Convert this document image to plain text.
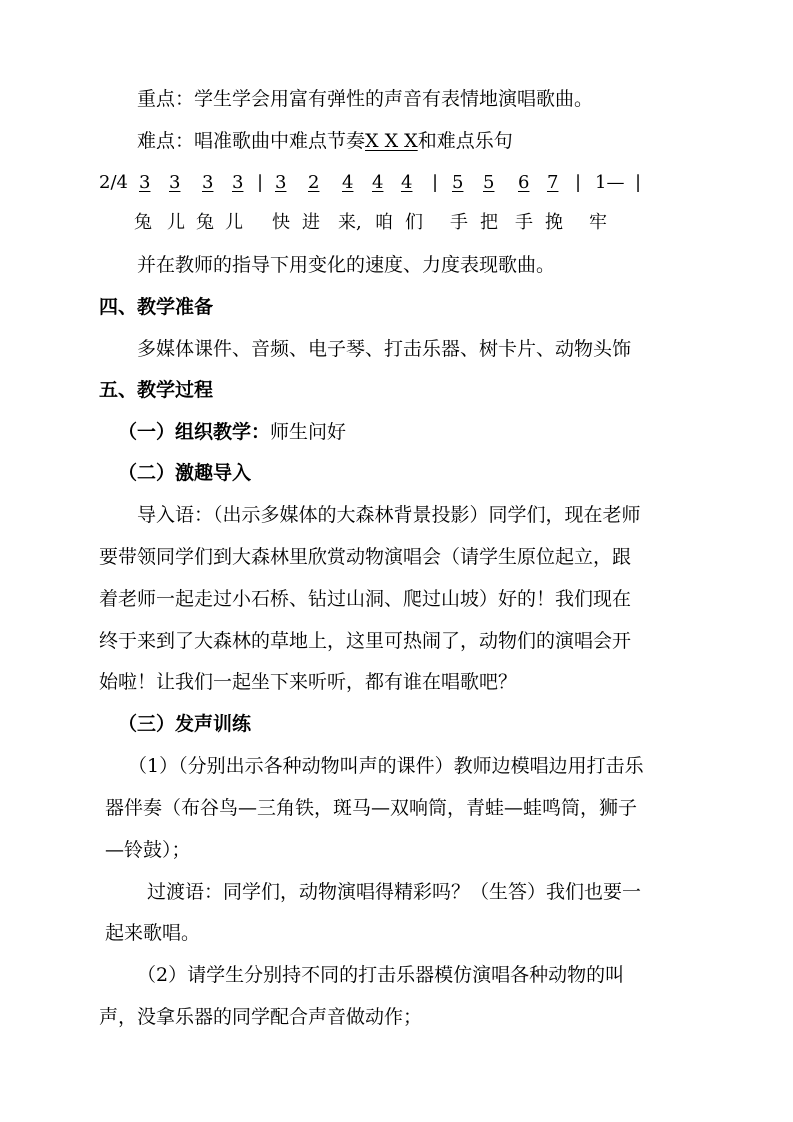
重点：学生学会用富有弹性的声音有表情地演唱歌曲。
难点：唱准歌曲中难点节奏X X X和难点乐句
2/4 3 3 3 3 | 3 2 4 4 4 | 5 5 6 7 | 1— |
兔 儿 兔 儿 快 进 来, 咱 们 手 把 手 挽 牢
并在教师的指导下用变化的速度、力度表现歌曲。
四、教学准备
多媒体课件、音频、电子琴、打击乐器、树卡片、动物头饰
五、教学过程
（一）组织教学：师生问好
（二）激趣导入
导入语：（出示多媒体的大森林背景投影）同学们，现在老师
要带领同学们到大森林里欣赏动物演唱会（请学生原位起立，跟
着老师一起走过小石桥、钻过山洞、爬过山坡）好的！我们现在
终于来到了大森林的草地上，这里可热闹了，动物们的演唱会开
始啦！让我们一起坐下来听听，都有谁在唱歌吧？
（三）发声训练
（1）（分别出示各种动物叫声的课件）教师边模唱边用打击乐
器伴奏（布谷鸟—三角铁，斑马—双响筒，青蛙—蛙鸣筒，狮子
—铃鼓）；
过渡语：同学们，动物演唱得精彩吗？（生答）我们也要一
起来歌唱。
（2）请学生分别持不同的打击乐器模仿演唱各种动物的叫
声，没拿乐器的同学配合声音做动作；
